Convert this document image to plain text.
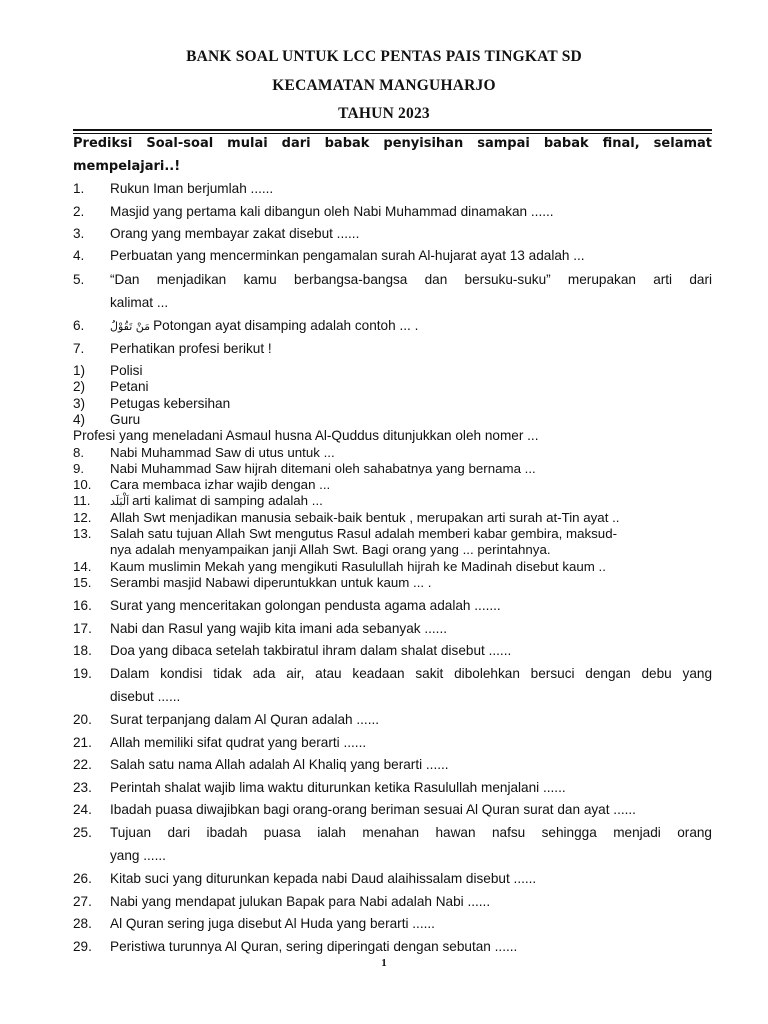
BANK SOAL UNTUK LCC PENTAS PAIS TINGKAT SD
KECAMATAN MANGUHARJO
TAHUN 2023
Prediksi Soal-soal mulai dari babak penyisihan sampai babak final, selamat
mempelajari..!
1. Rukun Iman berjumlah ......
2. Masjid yang pertama kali dibangun oleh Nabi Muhammad dinamakan ......
3. Orang yang membayar zakat disebut ......
4. Perbuatan yang mencerminkan pengamalan surah Al-hujarat ayat 13 adalah ...
5. “Dan menjadikan kamu berbangsa-bangsa dan bersuku-suku” merupakan arti dari
kalimat ...
6. مَنْ تَقُوْلُ Potongan ayat disamping adalah contoh ... .
7. Perhatikan profesi berikut !
1) Polisi
2) Petani
3) Petugas kebersihan
4) Guru
Profesi yang meneladani Asmaul husna Al-Quddus ditunjukkan oleh nomer ...
8. Nabi Muhammad Saw di utus untuk ...
9. Nabi Muhammad Saw hijrah ditemani oleh sahabatnya yang bernama ...
10. Cara membaca izhar wajib dengan ...
11. اَلْبَلَد arti kalimat di samping adalah ...
12. Allah Swt menjadikan manusia sebaik-baik bentuk , merupakan arti surah at-Tin ayat ..
13. Salah satu tujuan Allah Swt mengutus Rasul adalah memberi kabar gembira, maksud-
nya adalah menyampaikan janji Allah Swt. Bagi orang yang ... perintahnya.
14. Kaum muslimin Mekah yang mengikuti Rasulullah hijrah ke Madinah disebut kaum ..
15. Serambi masjid Nabawi diperuntukkan untuk kaum ... .
16. Surat yang menceritakan golongan pendusta agama adalah .......
17. Nabi dan Rasul yang wajib kita imani ada sebanyak ......
18. Doa yang dibaca setelah takbiratul ihram dalam shalat disebut ......
19. Dalam kondisi tidak ada air, atau keadaan sakit dibolehkan bersuci dengan debu yang
disebut ......
20. Surat terpanjang dalam Al Quran adalah ......
21. Allah memiliki sifat qudrat yang berarti ......
22. Salah satu nama Allah adalah Al Khaliq yang berarti ......
23. Perintah shalat wajib lima waktu diturunkan ketika Rasulullah menjalani ......
24. Ibadah puasa diwajibkan bagi orang-orang beriman sesuai Al Quran surat dan ayat ......
25. Tujuan dari ibadah puasa ialah menahan hawan nafsu sehingga menjadi orang
yang ......
26. Kitab suci yang diturunkan kepada nabi Daud alaihissalam disebut ......
27. Nabi yang mendapat julukan Bapak para Nabi adalah Nabi ......
28. Al Quran sering juga disebut Al Huda yang berarti ......
29. Peristiwa turunnya Al Quran, sering diperingati dengan sebutan ......
1
